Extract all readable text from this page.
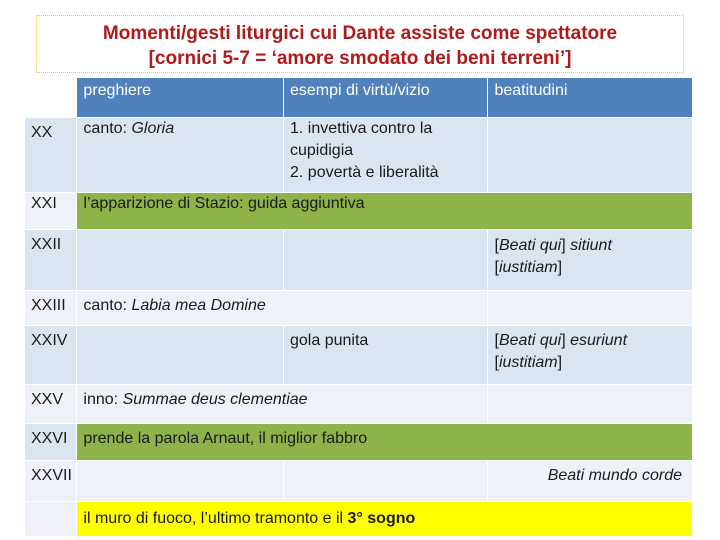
Momenti/gesti liturgici cui Dante assiste come spettatore
[cornici 5-7 = ‘amore smodato dei beni terreni’]
	preghiere	esempi di virtù/vizio	beatitudini
XX	canto: Gloria	1. invettiva contro la
cupidigia
2. povertà e liberalità	

XXI	l’apparizione di Stazio: guida aggiuntiva		
XXII			[Beati qui] sitiunt
[iustitiam]

XXIII	canto: Labia mea Domine		
XXIV		gola punita	[Beati qui] esuriunt
[iustitiam]

XXV	inno: Summae deus clementiae		
XXVI	prende la parola Arnaut, il miglior fabbro		
XXVII			Beati mundo corde
	il muro di fuoco, l’ultimo tramonto e il 3° sogno		
